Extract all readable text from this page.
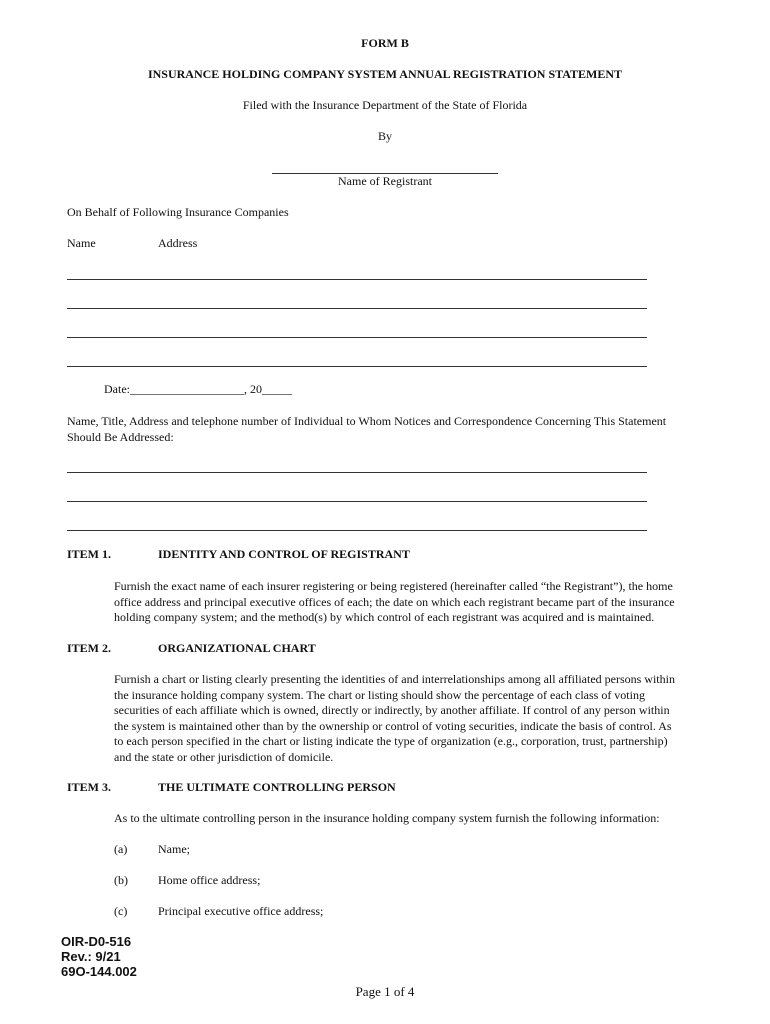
FORM B
INSURANCE HOLDING COMPANY SYSTEM ANNUAL REGISTRATION STATEMENT
Filed with the Insurance Department of the State of Florida
By
Name of Registrant
On Behalf of Following Insurance Companies
Name	Address
Date:___________________, 20_____
Name, Title, Address and telephone number of Individual to Whom Notices and Correspondence Concerning This Statement
Should Be Addressed:
ITEM 1.	IDENTITY AND CONTROL OF REGISTRANT
Furnish the exact name of each insurer registering or being registered (hereinafter called “the Registrant”), the home
office address and principal executive offices of each; the date on which each registrant became part of the insurance
holding company system; and the method(s) by which control of each registrant was acquired and is maintained.
ITEM 2.	ORGANIZATIONAL CHART
Furnish a chart or listing clearly presenting the identities of and interrelationships among all affiliated persons within
the insurance holding company system. The chart or listing should show the percentage of each class of voting
securities of each affiliate which is owned, directly or indirectly, by another affiliate. If control of any person within
the system is maintained other than by the ownership or control of voting securities, indicate the basis of control. As
to each person specified in the chart or listing indicate the type of organization (e.g., corporation, trust, partnership)
and the state or other jurisdiction of domicile.
ITEM 3.	THE ULTIMATE CONTROLLING PERSON
As to the ultimate controlling person in the insurance holding company system furnish the following information:
(a)	Name;
(b)	Home office address;
(c)	Principal executive office address;
OIR-D0-516
Rev.: 9/21
69O-144.002
Page 1 of 4
